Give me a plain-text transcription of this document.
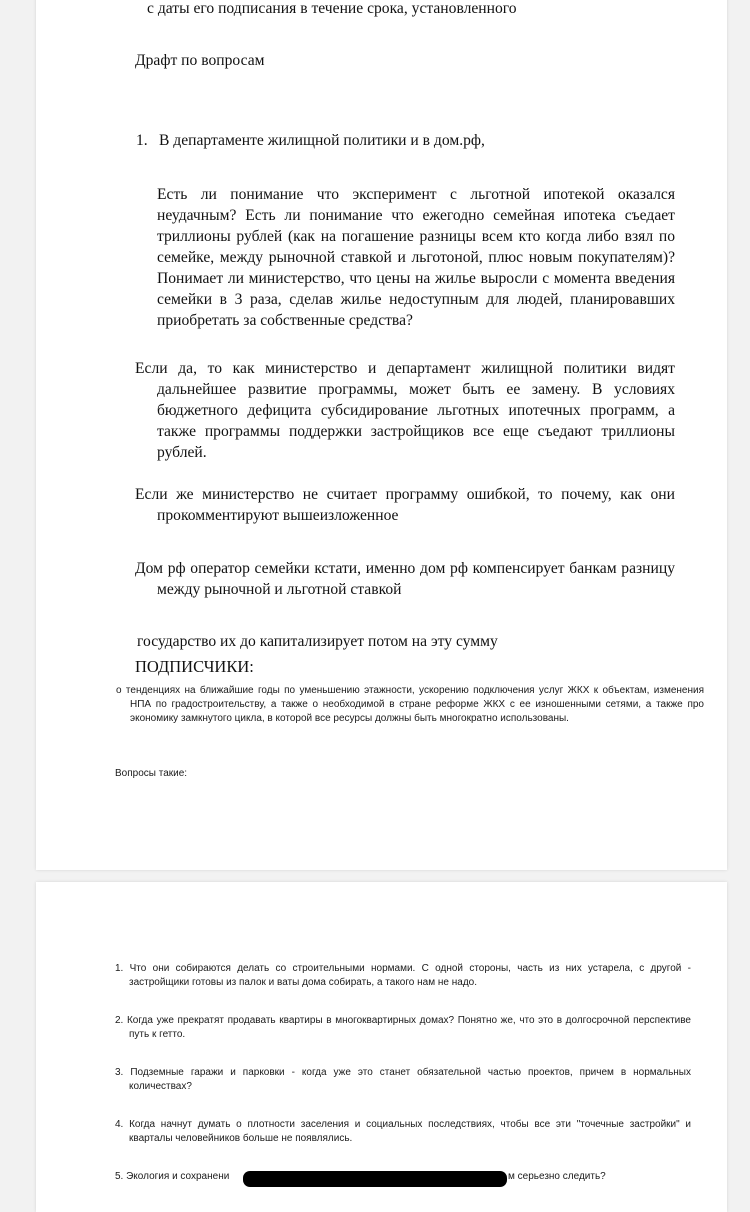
с даты его подписания в течение срока, установленного
Драфт по вопросам
1. В департаменте жилищной политики и в дом.рф,
Есть ли понимание что эксперимент с льготной ипотекой оказался неудачным? Есть ли понимание что ежегодно семейная ипотека съедает триллионы рублей (как на погашение разницы всем кто когда либо взял по семейке, между рыночной ставкой и льготоной, плюс новым покупателям)? Понимает ли министерство, что цены на жилье выросли с момента введения семейки в 3 раза, сделав жилье недоступным для людей, планировавших приобретать за собственные средства?
Если да, то как министерство и департамент жилищной политики видят дальнейшее развитие программы, может быть ее замену. В условиях бюджетного дефицита субсидирование льготных ипотечных программ, а также программы поддержки застройщиков все еще съедают триллионы рублей.
Если же министерство не считает программу ошибкой, то почему, как они прокомментируют вышеизложенное
Дом рф оператор семейки кстати, именно дом рф компенсирует банкам разницу между рыночной и льготной ставкой
государство их до капитализирует потом на эту сумму
ПОДПИСЧИКИ:
о тенденциях на ближайшие годы по уменьшению этажности, ускорению подключения услуг ЖКХ к объектам, изменения НПА по градостроительству, а также о необходимой в стране реформе ЖКХ с ее изношенными сетями, а также про экономику замкнутого цикла, в которой все ресурсы должны быть многократно использованы.
Вопросы такие:
1. Что они собираются делать со строительными нормами. С одной стороны, часть из них устарела, с другой - застройщики готовы из палок и ваты дома собирать, а такого нам не надо.
2. Когда уже прекратят продавать квартиры в многоквартирных домах? Понятно же, что это в долгосрочной перспективе путь к гетто.
3. Подземные гаражи и парковки - когда уже это станет обязательной частью проектов, причем в нормальных количествах?
4. Когда начнут думать о плотности заселения и социальных последствиях, чтобы все эти "точечные застройки" и кварталы человейников больше не появлялись.
5. Экология и сохранени	м серьезно следить?
